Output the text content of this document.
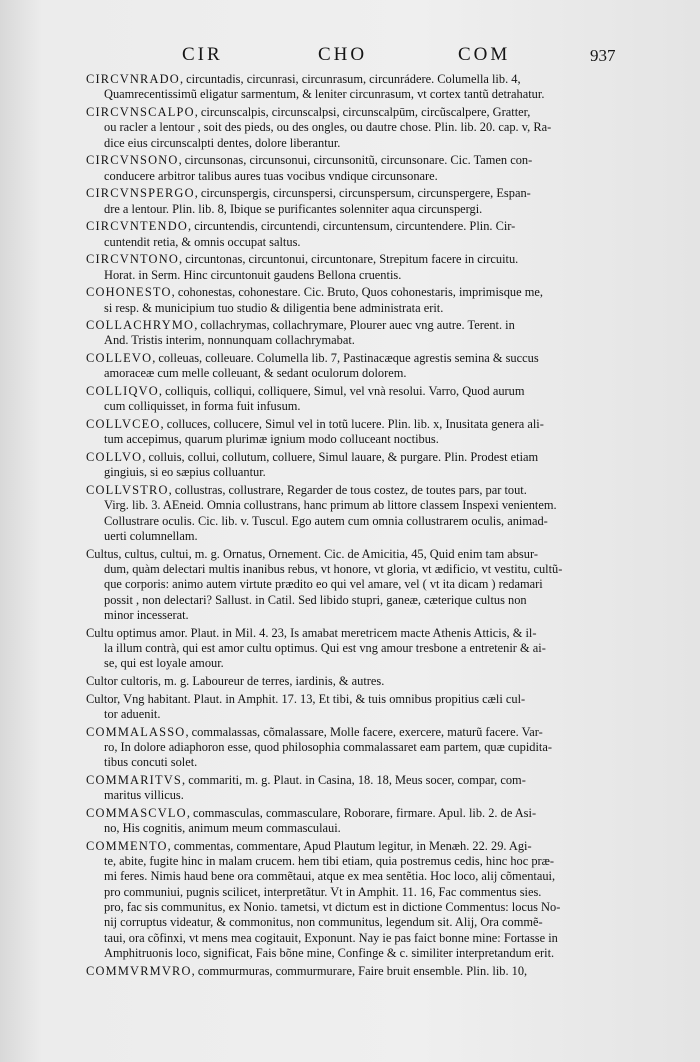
CIR	CHO	COM	937
CIRCVNRADO, circuntadis, circunrasi, circunrasum, circunrádere. Columella lib. 4,
Quamrecentissimũ eligatur sarmentum, & leniter circunrasum, vt cortex tantũ detrahatur.
CIRCVNSCALPO, circunscalpis, circunscalpsi, circunscalpūm, circũscalpere, Gratter,
ou racler a lentour , soit des pieds, ou des ongles, ou dautre chose. Plin. lib. 20. cap. v, Ra-
dice eius circunscalpti dentes, dolore liberantur.
CIRCVNSONO, circunsonas, circunsonui, circunsonitũ, circunsonare. Cic. Tamen con-
conducere arbitror talibus aures tuas vocibus vndique circunsonare.
CIRCVNSPERGO, circunspergis, circunspersi, circunspersum, circunspergere, Espan-
dre a lentour. Plin. lib. 8, Ibique se purificantes solenniter aqua circunspergi.
CIRCVNTENDO, circuntendis, circuntendi, circuntensum, circuntendere. Plin. Cir-
cuntendit retia, & omnis occupat saltus.
CIRCVNTONO, circuntonas, circuntonui, circuntonare, Strepitum facere in circuitu.
Horat. in Serm. Hinc circuntonuit gaudens Bellona cruentis.
COHONESTO, cohonestas, cohonestare. Cic. Bruto, Quos cohonestaris, imprimisque me,
si resp. & municipium tuo studio & diligentia bene administrata erit.
COLLACHRYMO, collachrymas, collachrymare, Plourer auec vng autre. Terent. in
And. Tristis interim, nonnunquam collachrymabat.
COLLEVO, colleuas, colleuare. Columella lib. 7, Pastinacæque agrestis semina & succus
amoraceæ cum melle colleuant, & sedant oculorum dolorem.
COLLIQVO, colliquis, colliqui, colliquere, Simul, vel vnà resolui. Varro, Quod aurum
cum colliquisset, in forma fuit infusum.
COLLVCEO, colluces, collucere, Simul vel in totũ lucere. Plin. lib. x, Inusitata genera ali-
tum accepimus, quarum plurimæ ignium modo colluceant noctibus.
COLLVO, colluis, collui, collutum, colluere, Simul lauare, & purgare. Plin. Prodest etiam
gingiuis, si eo sæpius colluantur.
COLLVSTRO, collustras, collustrare, Regarder de tous costez, de toutes pars, par tout.
Virg. lib. 3. AEneid. Omnia collustrans, hanc primum ab littore classem Inspexi venientem.
Collustrare oculis. Cic. lib. v. Tuscul. Ego autem cum omnia collustrarem oculis, animad-
uerti columnellam.
Cultus, cultus, cultui, m. g. Ornatus, Ornement. Cic. de Amicitia, 45, Quid enim tam absur-
dum, quàm delectari multis inanibus rebus, vt honore, vt gloria, vt ædificio, vt vestitu, cultũ-
que corporis: animo autem virtute prædito eo qui vel amare, vel ( vt ita dicam ) redamari
possit , non delectari? Sallust. in Catil. Sed libido stupri, ganeæ, cæterique cultus non
minor incesserat.
Cultu optimus amor. Plaut. in Mil. 4. 23, Is amabat meretricem macte Athenis Atticis, & il-
la illum contrà, qui est amor cultu optimus. Qui est vng amour tresbone a entretenir & ai-
se, qui est loyale amour.
Cultor cultoris, m. g. Laboureur de terres, iardinis, & autres.
Cultor, Vng habitant. Plaut. in Amphit. 17. 13, Et tibi, & tuis omnibus propitius cæli cul-
tor aduenit.
COMMALASSO, commalassas, cõmalassare, Molle facere, exercere, maturũ facere. Var-
ro, In dolore adiaphoron esse, quod philosophia commalassaret eam partem, quæ cupidita-
tibus concuti solet.
COMMARITVS, commariti, m. g. Plaut. in Casina, 18. 18, Meus socer, compar, com-
maritus villicus.
COMMASCVLO, commasculas, commasculare, Roborare, firmare. Apul. lib. 2. de Asi-
no, His cognitis, animum meum commasculaui.
COMMENTO, commentas, commentare, Apud Plautum legitur, in Menæh. 22. 29. Agi-
te, abite, fugite hinc in malam crucem. hem tibi etiam, quia postremus cedis, hinc hoc præ-
mi feres. Nimis haud bene ora commẽtaui, atque ex mea sentẽtia. Hoc loco, alij cõmentaui,
pro communiui, pugnis scilicet, interpretãtur. Vt in Amphit. 11. 16, Fac commentus sies.
pro, fac sis communitus, ex Nonio. tametsi, vt dictum est in dictione Commentus: locus No-
nij corruptus videatur, & commonitus, non communitus, legendum sit. Alij, Ora commẽ-
taui, ora cõfinxi, vt mens mea cogitauit, Exponunt. Nay ie pas faict bonne mine: Fortasse in
Amphitruonis loco, significat, Fais bõne mine, Confinge & c. similiter interpretandum erit.
COMMVRMVRO, commurmuras, commurmurare, Faire bruit ensemble. Plin. lib. 10,
